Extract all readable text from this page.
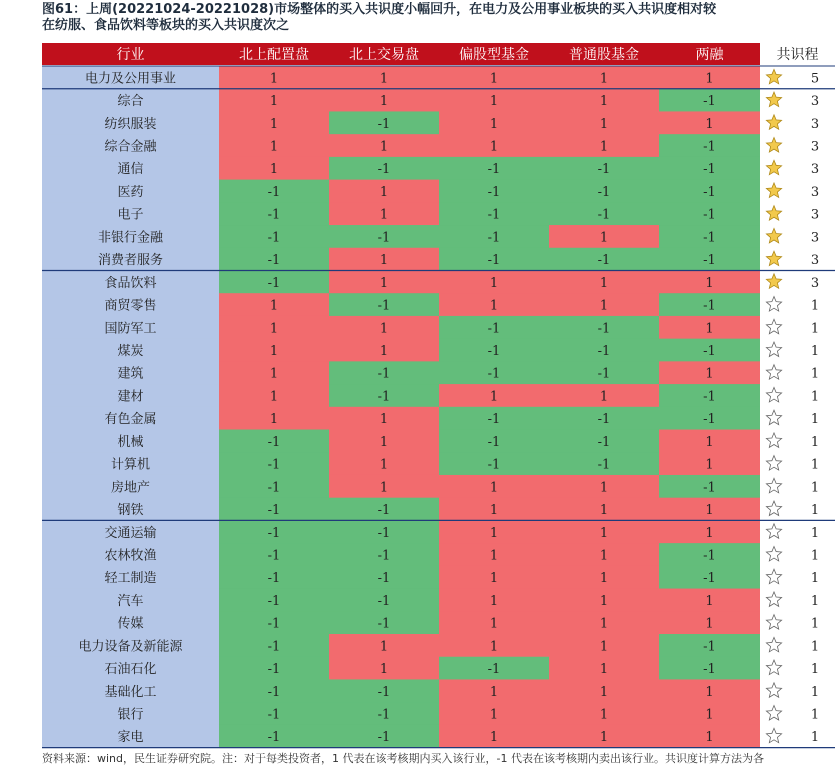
图61：上周(20221024-20221028)市场整体的买入共识度小幅回升，在电力及公用事业板块的买入共识度相对较
在纺服、食品饮料等板块的买入共识度次之
行业	北上配置盘	北上交易盘	偏股型基金	普通股基金	两融	共识程
电力及公用事业	1	1	1	1	1	5
综合	1	1	1	1	-1	3
纺织服装	1	-1	1	1	1	3
综合金融	1	1	1	1	-1	3
通信	1	-1	-1	-1	-1	3
医药	-1	1	-1	-1	-1	3
电子	-1	1	-1	-1	-1	3
非银行金融	-1	-1	-1	1	-1	3
消费者服务	-1	1	-1	-1	-1	3
食品饮料	-1	1	1	1	1	3
商贸零售	1	-1	1	1	-1	1
国防军工	1	1	-1	-1	1	1
煤炭	1	1	-1	-1	-1	1
建筑	1	-1	-1	-1	1	1
建材	1	-1	1	1	-1	1
有色金属	1	1	-1	-1	-1	1
机械	-1	1	-1	-1	1	1
计算机	-1	1	-1	-1	1	1
房地产	-1	1	1	1	-1	1
钢铁	-1	-1	1	1	1	1
交通运输	-1	-1	1	1	1	1
农林牧渔	-1	-1	1	1	-1	1
轻工制造	-1	-1	1	1	-1	1
汽车	-1	-1	1	1	1	1
传媒	-1	-1	1	1	1	1
电力设备及新能源	-1	1	1	1	-1	1
石油石化	-1	1	-1	1	-1	1
基础化工	-1	-1	1	1	1	1
银行	-1	-1	1	1	1	1
家电	-1	-1	1	1	1	1
资料来源：wind，民生证券研究院。注：对于每类投资者，1 代表在该考核期内买入该行业，-1 代表在该考核期内卖出该行业。共识度计算方法为各
